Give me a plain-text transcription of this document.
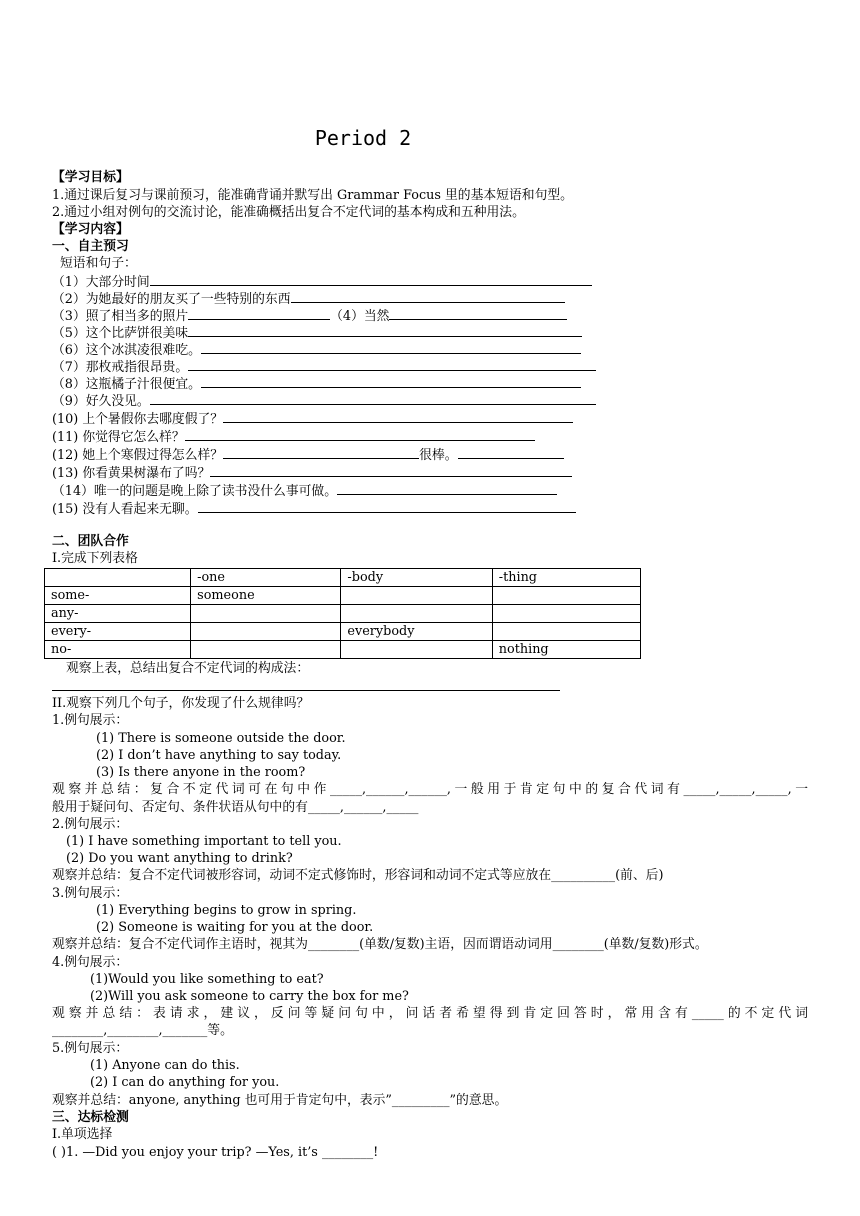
Period 2
【学习目标】
1.通过课后复习与课前预习，能准确背诵并默写出 Grammar Focus 里的基本短语和句型。
2.通过小组对例句的交流讨论，能准确概括出复合不定代词的基本构成和五种用法。
【学习内容】
一、自主预习
短语和句子：
（1）大部分时间
（2）为她最好的朋友买了一些特别的东西
（3）照了相当多的照片	（4）当然
（5）这个比萨饼很美味
（6）这个冰淇凌很难吃。
（7）那枚戒指很昂贵。
（8）这瓶橘子汁很便宜。
（9）好久没见。
(10) 上个暑假你去哪度假了？
(11) 你觉得它怎么样？
(12) 她上个寒假过得怎么样？	很棒。
(13) 你看黄果树瀑布了吗？
（14）唯一的问题是晚上除了读书没什么事可做。
(15) 没有人看起来无聊。
二、团队合作
I.完成下列表格
	-one	-body	-thing
some-	someone		
any-			
every-		everybody	
no-			nothing
观察上表，总结出复合不定代词的构成法：
II.观察下列几个句子，你发现了什么规律吗？
1.例句展示：
(1) There is someone outside the door.
(2) I don’t have anything to say today.
(3) Is there anyone in the room?
观察并总结：复合不定代词可在句中作_____,______,______,一般用于肯定句中的复合代词有_____,_____,_____,一
般用于疑问句、否定句、条件状语从句中的有_____,______,_____
2.例句展示：
(1) I have something important to tell you.
(2) Do you want anything to drink?
观察并总结：复合不定代词被形容词，动词不定式修饰时，形容词和动词不定式等应放在__________(前、后)
3.例句展示：
(1) Everything begins to grow in spring.
(2) Someone is waiting for you at the door.
观察并总结：复合不定代词作主语时，视其为________(单数/复数)主语，因而谓语动词用________(单数/复数)形式。
4.例句展示：
(1)Would you like something to eat?
(2)Will you ask someone to carry the box for me?
观察并总结：表请求，建议，反问等疑问句中，问话者希望得到肯定回答时，常用含有_____的不定代词
________,________,_______等。
5.例句展示：
(1) Anyone can do this.
(2) I can do anything for you.
观察并总结：anyone, anything 也可用于肯定句中，表示”_________”的意思。
三、达标检测
I.单项选择
( )1. —Did you enjoy your trip? —Yes, it’s ________!
